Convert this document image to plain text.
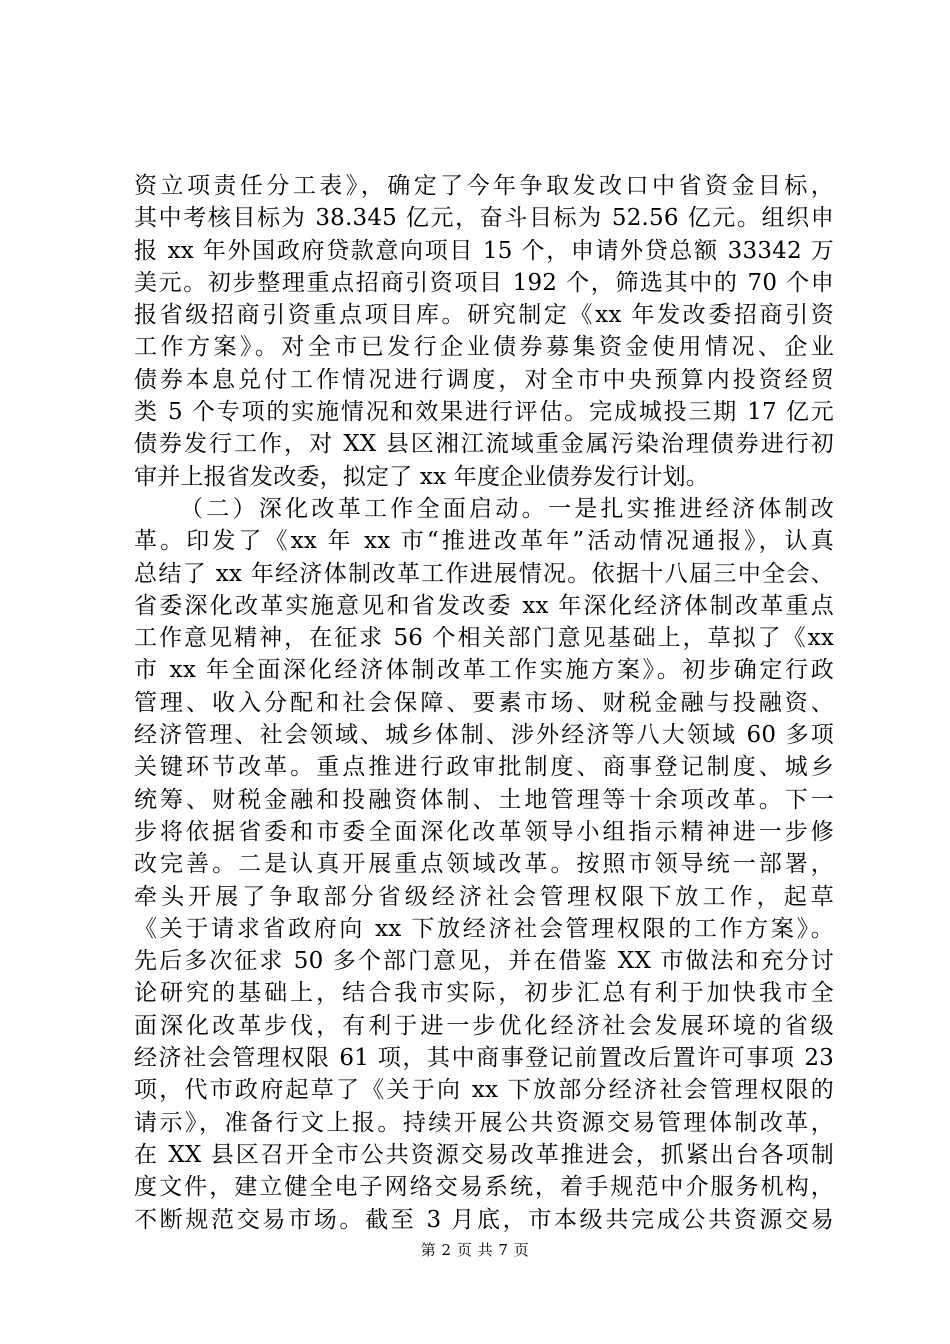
资立项责任分工表》，确定了今年争取发改口中省资金目标，
其中考核目标为 38.345 亿元，奋斗目标为 52.56 亿元。组织申
报 xx 年外国政府贷款意向项目 15 个，申请外贷总额 33342 万
美元。初步整理重点招商引资项目 192 个，筛选其中的 70 个申
报省级招商引资重点项目库。研究制定《xx 年发改委招商引资
工作方案》。对全市已发行企业债券募集资金使用情况、企业
债券本息兑付工作情况进行调度，对全市中央预算内投资经贸
类 5 个专项的实施情况和效果进行评估。完成城投三期 17 亿元
债券发行工作，对 XX 县区湘江流域重金属污染治理债券进行初
审并上报省发改委，拟定了 xx 年度企业债券发行计划。
（二）深化改革工作全面启动。一是扎实推进经济体制改
革。印发了《xx 年 xx 市“推进改革年”活动情况通报》，认真
总结了 xx 年经济体制改革工作进展情况。依据十八届三中全会、
省委深化改革实施意见和省发改委 xx 年深化经济体制改革重点
工作意见精神，在征求 56 个相关部门意见基础上，草拟了《xx
市 xx 年全面深化经济体制改革工作实施方案》。初步确定行政
管理、收入分配和社会保障、要素市场、财税金融与投融资、
经济管理、社会领域、城乡体制、涉外经济等八大领域 60 多项
关键环节改革。重点推进行政审批制度、商事登记制度、城乡
统筹、财税金融和投融资体制、土地管理等十余项改革。下一
步将依据省委和市委全面深化改革领导小组指示精神进一步修
改完善。二是认真开展重点领域改革。按照市领导统一部署，
牵头开展了争取部分省级经济社会管理权限下放工作，起草
《关于请求省政府向 xx 下放经济社会管理权限的工作方案》。
先后多次征求 50 多个部门意见，并在借鉴 XX 市做法和充分讨
论研究的基础上，结合我市实际，初步汇总有利于加快我市全
面深化改革步伐，有利于进一步优化经济社会发展环境的省级
经济社会管理权限 61 项，其中商事登记前置改后置许可事项 23
项，代市政府起草了《关于向 xx 下放部分经济社会管理权限的
请示》，准备行文上报。持续开展公共资源交易管理体制改革，
在 XX 县区召开全市公共资源交易改革推进会，抓紧出台各项制
度文件，建立健全电子网络交易系统，着手规范中介服务机构，
不断规范交易市场。截至 3 月底，市本级共完成公共资源交易
第 2 页 共 7 页
